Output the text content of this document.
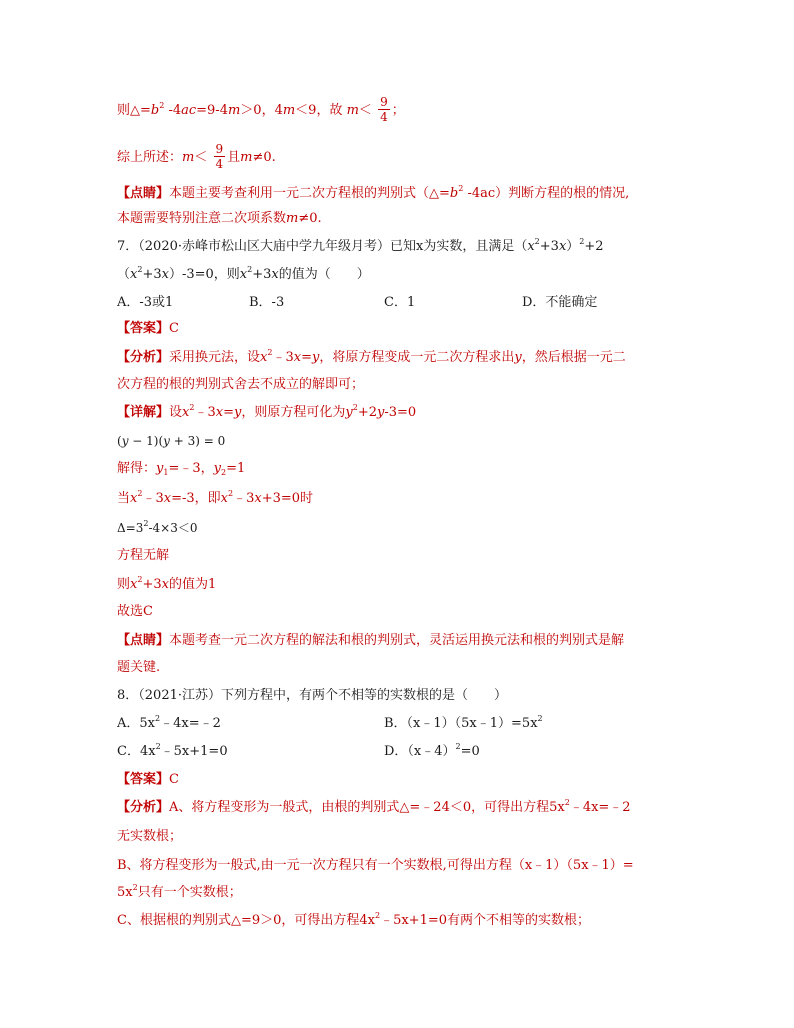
则$\triangle=b^2$ -4ac=9-4m＞0，4m＜9，故 $m< \frac{9}{4}$ ；
综上所述：$m< \frac{9}{4}$ 且m≠0.
【点睛】本题主要考查利用一元二次方程根的判别式（$\triangle=b^2$ -4ac）判断方程的根的情况,
本题需要特别注意二次项系数m≠0.
7．（2020·赤峰市松山区大庙中学九年级月考）已知x为实数，且满足$(x^2+3x)^2+2$
$(x^2+3x)-3=0$，则$x^2+3x$的值为（　　）
A．-3或1	B．-3	C．1	D．不能确定
【答案】C
【分析】采用换元法，设$x^2﹣3x=y$，将原方程变成一元二次方程求出y，然后根据一元二
次方程的根的判别式舍去不成立的解即可；
【详解】设$x^2﹣3x=y$，则原方程可化为$y^2+2y-3=0$
(y − 1)(y + 3) = 0
解得：$y_1=﹣3$，$y_2=1$
当$x^2﹣3x=-3$，即$x^2﹣3x+3=0$时
$\Delta=3^2-4\times 3<0$
方程无解
则$x^2+3x$的值为1
故选C
【点睛】本题考查一元二次方程的解法和根的判别式，灵活运用换元法和根的判别式是解
题关键.
8．（2021·江苏）下列方程中，有两个不相等的实数根的是（　　）
A．$5x^2﹣4x=﹣2$	B．$(x﹣1)(5x﹣1)=5x^2$
C．$4x^2﹣5x+1=0$	D．（x﹣4）$^2$=0
【答案】C
【分析】A、将方程变形为一般式，由根的判别式△=﹣24＜0，可得出方程$5x^2﹣4x=﹣2$
无实数根；
B、将方程变形为一般式,由一元一次方程只有一个实数根,可得出方程（x﹣1）（5x﹣1）=
$5x^2$只有一个实数根；
C、根据根的判别式△=9＞0，可得出方程$4x^2﹣5x+1=0$有两个不相等的实数根；
